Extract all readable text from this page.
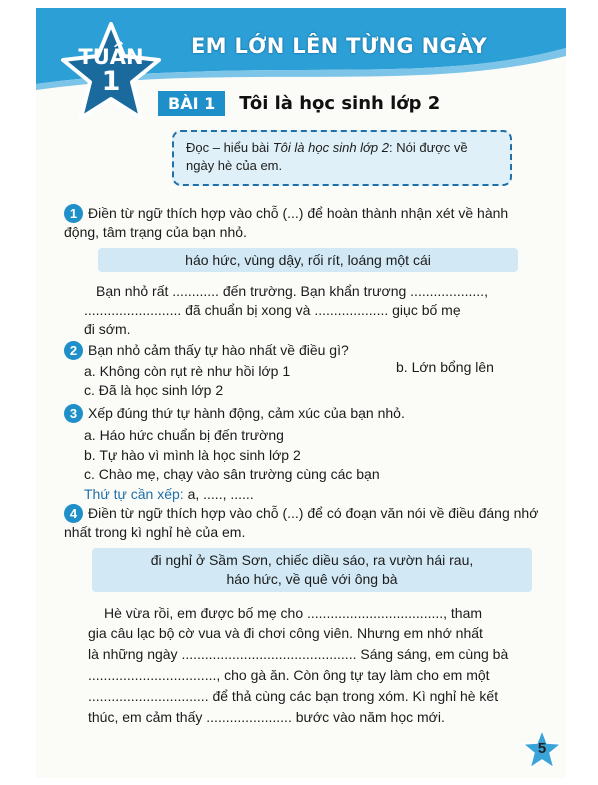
TUẦN
1
EM LỚN LÊN TỪNG NGÀY
BÀI 1	Tôi là học sinh lớp 2
Đọc – hiểu bài Tôi là học sinh lớp 2: Nói được về ngày hè của em.
1 Điền từ ngữ thích hợp vào chỗ (...) để hoàn thành nhận xét về hành động, tâm trạng của bạn nhỏ.
háo hức, vùng dậy, rối rít, loáng một cái
Bạn nhỏ rất ............ đến trường. Bạn khẩn trương ...................,
......................... đã chuẩn bị xong và ................... giục bố mẹ
đi sớm.
2 Bạn nhỏ cảm thấy tự hào nhất về điều gì?
a. Không còn rụt rè như hồi lớp 1	b. Lớn bổng lên
c. Đã là học sinh lớp 2
3 Xếp đúng thứ tự hành động, cảm xúc của bạn nhỏ.
a. Háo hức chuẩn bị đến trường
b. Tự hào vì mình là học sinh lớp 2
c. Chào mẹ, chạy vào sân trường cùng các bạn
Thứ tự cần xếp: a, ....., ......
4 Điền từ ngữ thích hợp vào chỗ (...) để có đoạn văn nói về điều đáng nhớ nhất trong kì nghỉ hè của em.
đi nghỉ ở Sầm Sơn, chiếc diều sáo, ra vườn hái rau,
háo hức, về quê với ông bà
Hè vừa rồi, em được bố mẹ cho ..................................., tham
gia câu lạc bộ cờ vua và đi chơi công viên. Nhưng em nhớ nhất
là những ngày ............................................. Sáng sáng, em cùng bà
................................., cho gà ăn. Còn ông tự tay làm cho em một
............................... để thả cùng các bạn trong xóm. Kì nghỉ hè kết
thúc, em cảm thấy ...................... bước vào năm học mới.
5
